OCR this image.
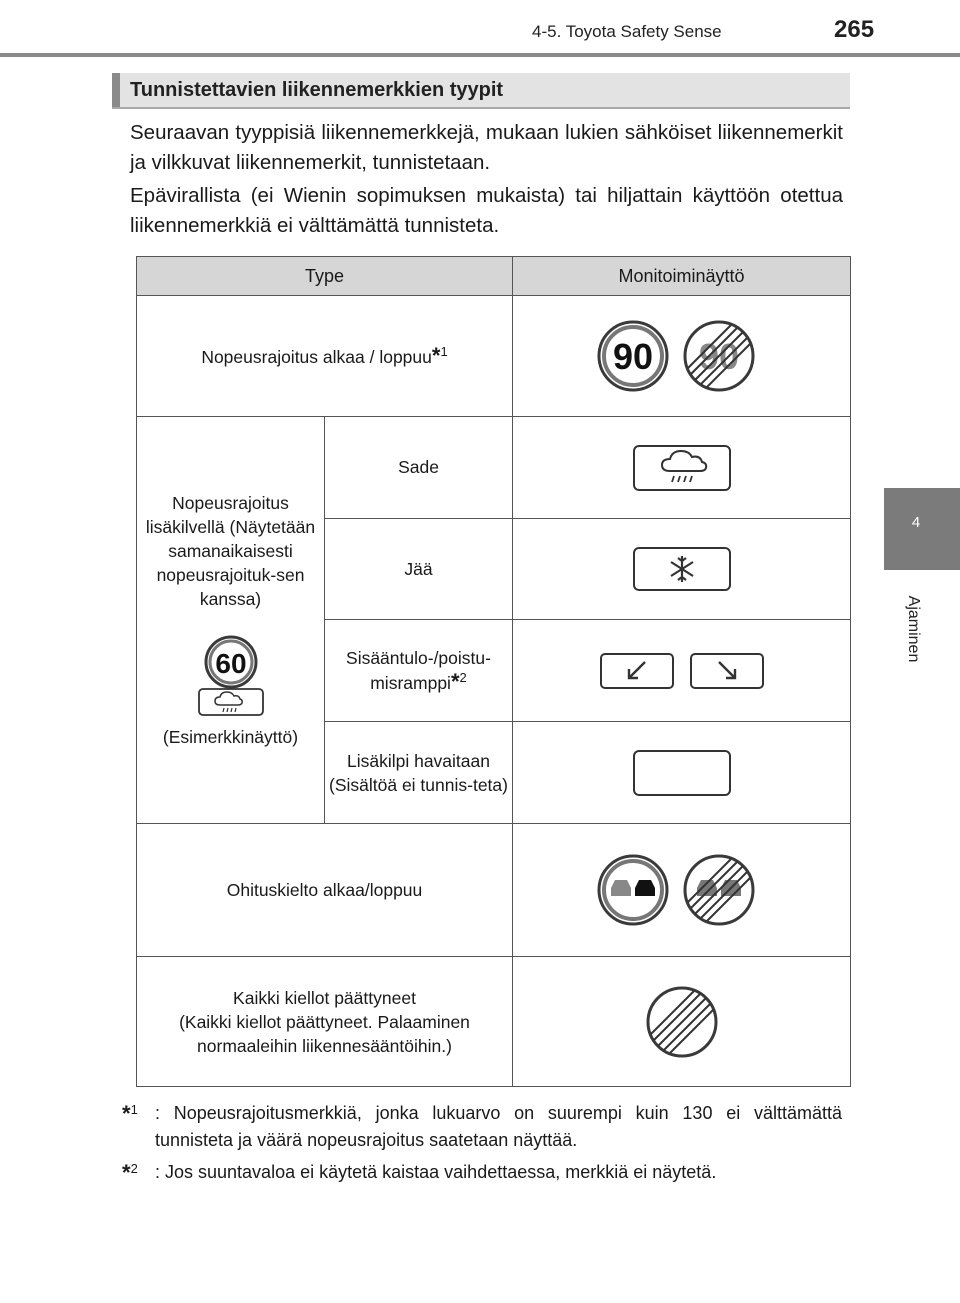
4-5. Toyota Safety Sense	265
4
Ajaminen
Tunnistettavien liikennemerkkien tyypit
Seuraavan tyyppisiä liikennemerkkejä, mukaan lukien sähköiset liikennemerkit ja vilkkuvat liikennemerkit, tunnistetaan.
Epävirallista (ei Wienin sopimuksen mukaista) tai hiljattain käyttöön otettua liikennemerkkiä ei välttämättä tunnisteta.
Type		Monitoiminäyttö
Nopeusrajoitus alkaa / loppuu*$^1$		90

Nopeusrajoitus lisäkilvellä (Näytetään samanaikaisesti nopeusrajoituk-sen kanssa)
60
(Esimerkkinäyttö)	Sade	

	Jää	

	Sisääntulo-/poistu-misramppi*$^2$	

	Lisäkilpi havaitaan (Sisältöä ei tunnis-teta)	

Ohituskielto alkaa/loppuu	

Kaikki kiellot päättyneet
(Kaikki kiellot päättyneet. Palaaminen normaaleihin liikennesääntöihin.)

*$^1$ : Nopeusrajoitusmerkkiä, jonka lukuarvo on suurempi kuin 130 ei välttämättä tunnisteta ja väärä nopeusrajoitus saatetaan näyttää.
*$^2$ : Jos suuntavaloa ei käytetä kaistaa vaihdettaessa, merkkiä ei näytetä.
